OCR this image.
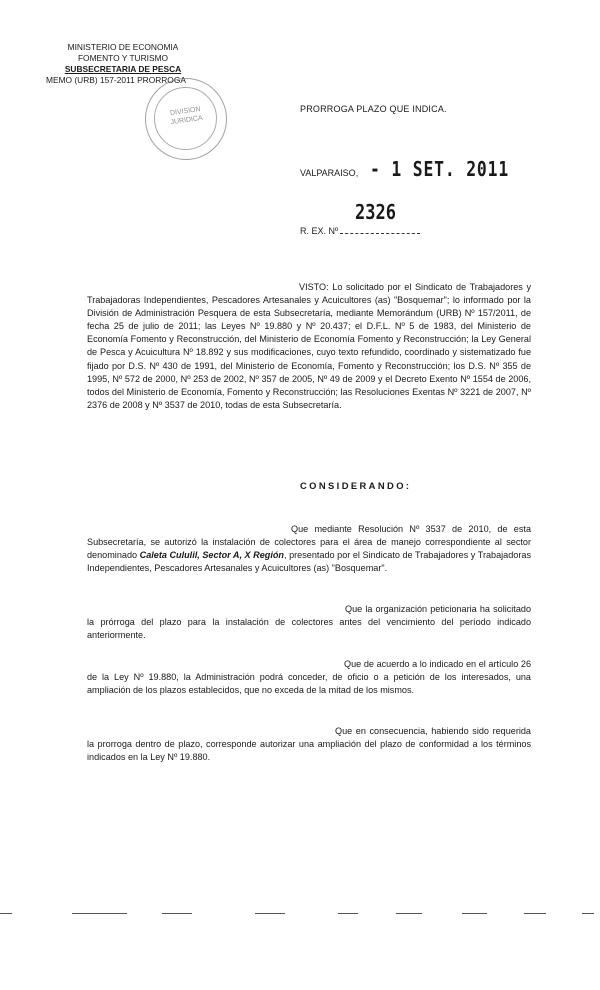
MINISTERIO DE ECONOMIA
FOMENTO Y TURISMO
SUBSECRETARIA DE PESCA
MEMO (URB) 157-2011 PRORROGA
DIVISION JURIDICA
PRORROGA PLAZO QUE INDICA.
VALPARAISO, - 1 SET. 2011
2326
R. EX. Nº
VISTO: Lo solicitado por el Sindicato de Trabajadores y Trabajadoras Independientes, Pescadores Artesanales y Acuicultores (as) "Bosquemar"; lo informado por la División de Administración Pesquera de esta Subsecretaría, mediante Memorándum (URB) Nº 157/2011, de fecha 25 de julio de 2011; las Leyes Nº 19.880 y Nº 20.437; el D.F.L. Nº 5 de 1983, del Ministerio de Economía Fomento y Reconstrucción, del Ministerio de Economía Fomento y Reconstrucción; la Ley General de Pesca y Acuicultura Nº 18.892 y sus modificaciones, cuyo texto refundido, coordinado y sistematizado fue fijado por D.S. Nº 430 de 1991, del Ministerio de Economía, Fomento y Reconstrucción; los D.S. Nº 355 de 1995, Nº 572 de 2000, Nº 253 de 2002, Nº 357 de 2005, Nº 49 de 2009 y el Decreto Exento Nº 1554 de 2006, todos del Ministerio de Economía, Fomento y Reconstrucción; las Resoluciones Exentas Nº 3221 de 2007, Nº 2376 de 2008 y Nº 3537 de 2010, todas de esta Subsecretaría.
CONSIDERANDO:
Que mediante Resolución Nº 3537 de 2010, de esta Subsecretaría, se autorizó la instalación de colectores para el área de manejo correspondiente al sector denominado Caleta Cululil, Sector A, X Región, presentado por el Sindicato de Trabajadores y Trabajadoras Independientes, Pescadores Artesanales y Acuicultores (as) "Bosquemar".
Que la organización peticionaria ha solicitado la prórroga del plazo para la instalación de colectores antes del vencimiento del período indicado anteriormente.
Que de acuerdo a lo indicado en el artículo 26 de la Ley Nº 19.880, la Administración podrá conceder, de oficio o a petición de los interesados, una ampliación de los plazos establecidos, que no exceda de la mitad de los mismos.
Que en consecuencia, habiendo sido requerida la prorroga dentro de plazo, corresponde autorizar una ampliación del plazo de conformidad a los términos indicados en la Ley Nº 19.880.
